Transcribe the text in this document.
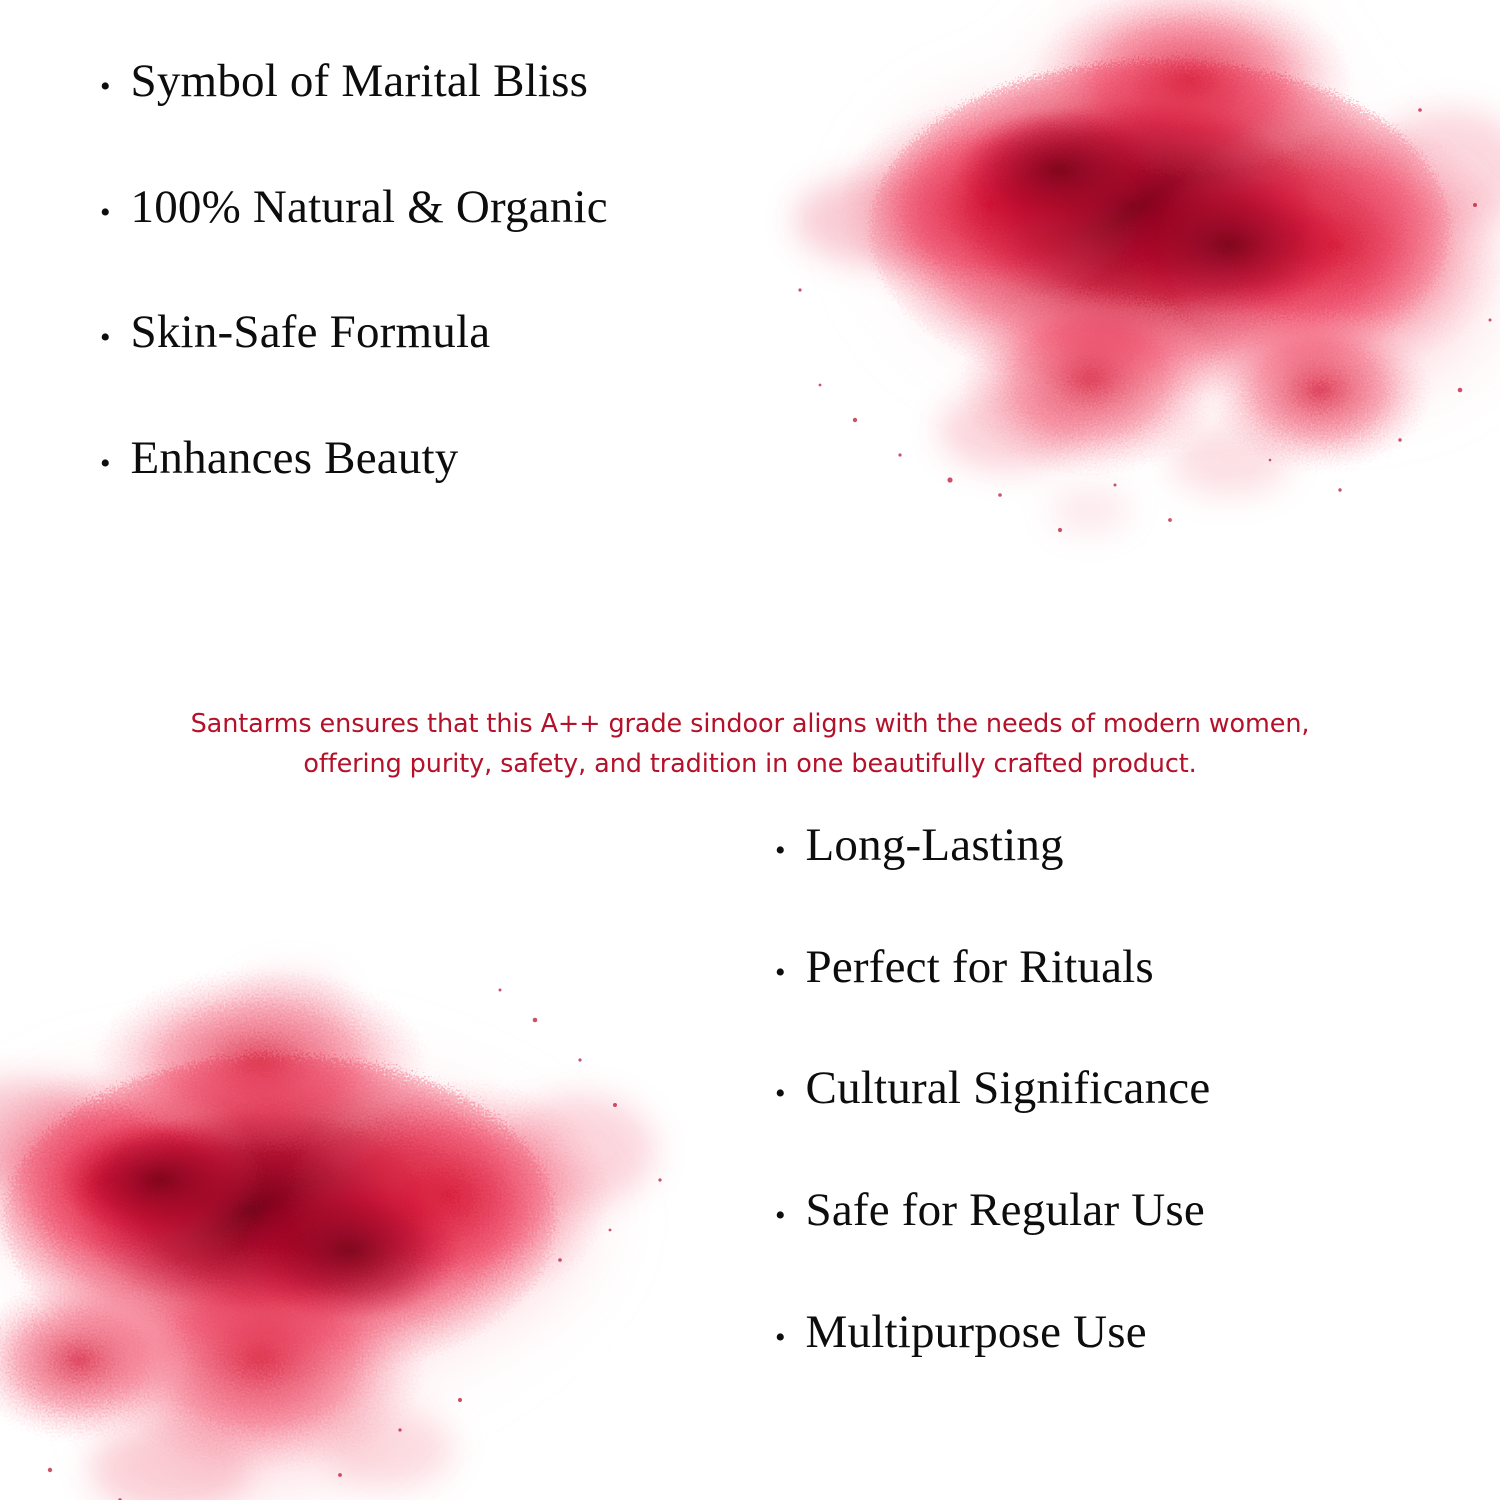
• Symbol of Marital Bliss
• 100% Natural & Organic
• Skin-Safe Formula
• Enhances Beauty
Santarms ensures that this A++ grade sindoor aligns with the needs of modern women,
offering purity, safety, and tradition in one beautifully crafted product.
• Long-Lasting
• Perfect for Rituals
• Cultural Significance
• Safe for Regular Use
• Multipurpose Use
